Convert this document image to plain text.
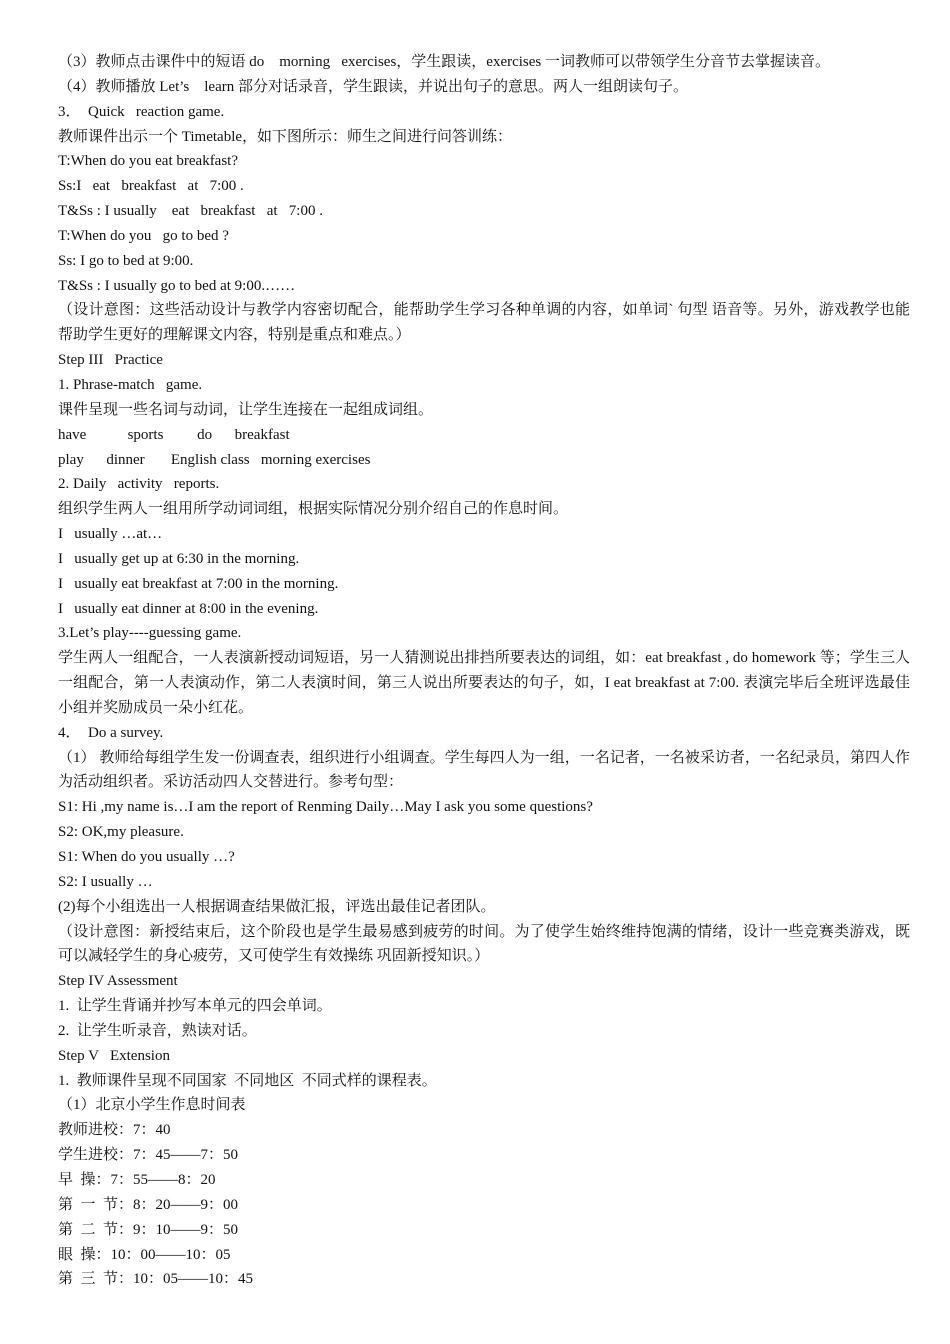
（3）教师点击课件中的短语 do    morning   exercises，学生跟读，exercises 一词教师可以带领学生分音节去掌握读音。
（4）教师播放 Let’s    learn 部分对话录音，学生跟读，并说出句子的意思。两人一组朗读句子。
3．  Quick   reaction game.
教师课件出示一个 Timetable，如下图所示：师生之间进行问答训练：
T:When do you eat breakfast?
Ss:I   eat   breakfast   at   7:00 .
T&Ss : I usually    eat   breakfast   at   7:00 .
T:When do you   go to bed ?
Ss: I go to bed at 9:00.
T&Ss : I usually go to bed at 9:00.……
（设计意图：这些活动设计与教学内容密切配合，能帮助学生学习各种单调的内容，如单词` 句型 语音等。另外，游戏教学也能帮助学生更好的理解课文内容，特别是重点和难点。）
Step III   Practice
1. Phrase-match   game.
课件呈现一些名词与动词，让学生连接在一起组成词组。
have           sports         do      breakfast
play      dinner       English class   morning exercises
2. Daily   activity   reports.
组织学生两人一组用所学动词词组，根据实际情况分别介绍自己的作息时间。
I   usually …at…
I   usually get up at 6:30 in the morning.
I   usually eat breakfast at 7:00 in the morning.
I   usually eat dinner at 8:00 in the evening.
3.Let’s play----guessing game.
学生两人一组配合，一人表演新授动词短语，另一人猜测说出排挡所要表达的词组，如：eat breakfast , do homework 等；学生三人一组配合，第一人表演动作，第二人表演时间，第三人说出所要表达的句子，如，I eat breakfast at 7:00. 表演完毕后全班评选最佳小组并奖励成员一朵小红花。
4．  Do a survey.
（1） 教师给每组学生发一份调查表，组织进行小组调查。学生每四人为一组，一名记者，一名被采访者，一名纪录员，第四人作为活动组织者。采访活动四人交替进行。参考句型：
S1: Hi ,my name is…I am the report of Renming Daily…May I ask you some questions?
S2: OK,my pleasure.
S1: When do you usually …?
S2: I usually …
(2)每个小组选出一人根据调查结果做汇报，评选出最佳记者团队。
（设计意图：新授结束后，这个阶段也是学生最易感到疲劳的时间。为了使学生始终维持饱满的情绪，设计一些竞赛类游戏，既可以减轻学生的身心疲劳，又可使学生有效操练 巩固新授知识。）
Step IV Assessment
1.  让学生背诵并抄写本单元的四会单词。
2.  让学生听录音，熟读对话。
Step V   Extension
1.  教师课件呈现不同国家  不同地区  不同式样的课程表。
（1）北京小学生作息时间表
教师进校：7：40
学生进校：7：45——7：50
早  操：7：55——8：20
第  一  节：8：20——9：00
第  二  节：9：10——9：50
眼  操：10：00——10：05
第  三  节：10：05——10：45
